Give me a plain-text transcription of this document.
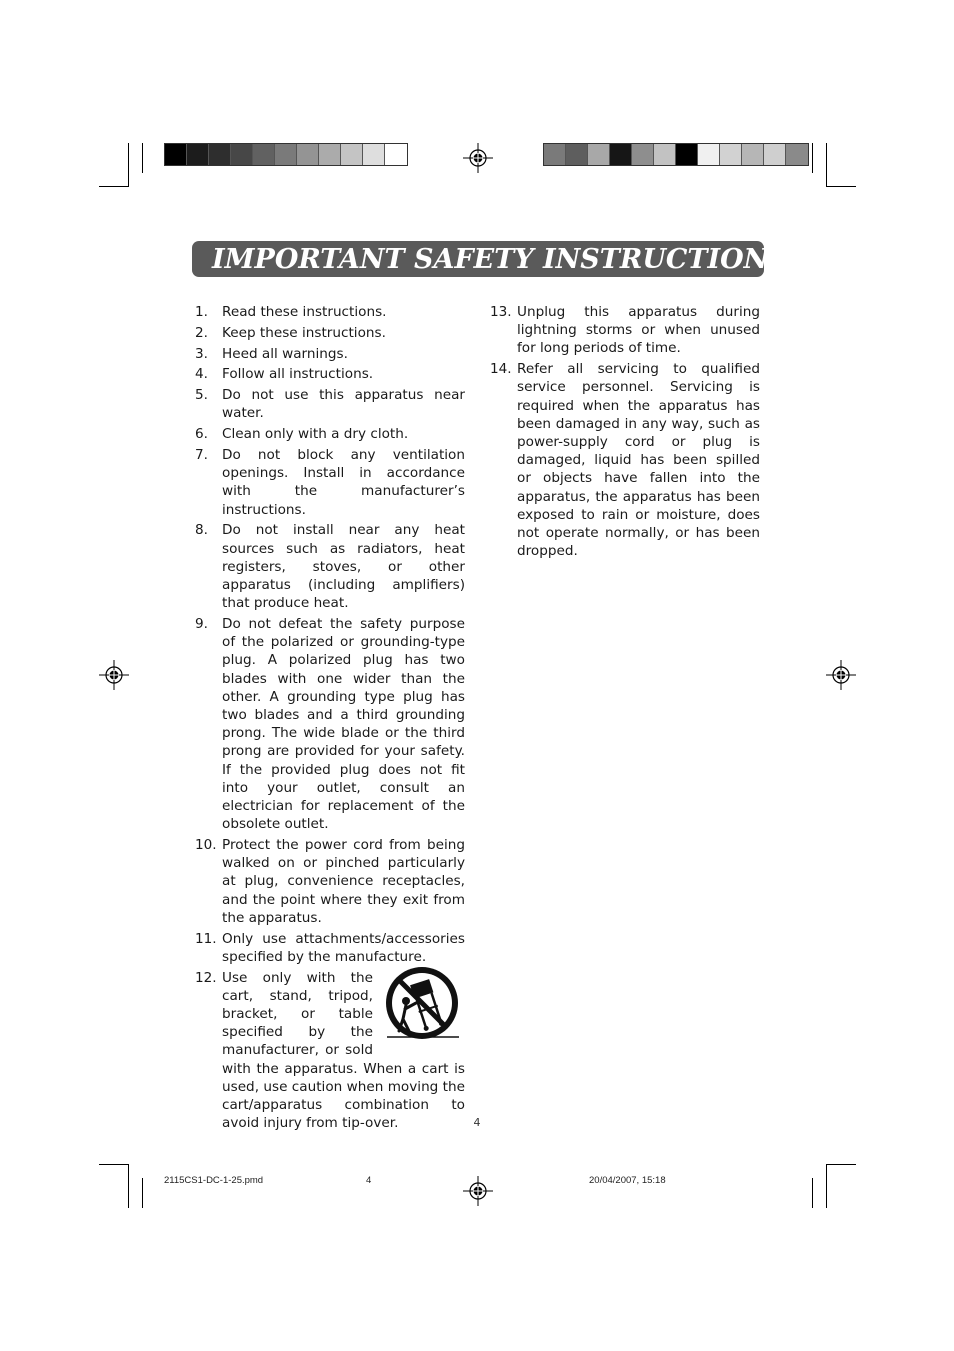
IMPORTANT SAFETY INSTRUCTIONS
1.	Read these instructions.
2.	Keep these instructions.
3.	Heed all warnings.
4.	Follow all instructions.
5.	Do not use this apparatus near water.
6.	Clean only with a dry cloth.
7.	Do not block any ventilation openings. Install in accordance with the manufacturer’s instructions.
8.	Do not install near any heat sources such as radiators, heat registers, stoves, or other apparatus (including amplifiers) that produce heat.
9.	Do not defeat the safety purpose of the polarized or grounding-type plug. A polarized plug has two blades with one wider than the other. A grounding type plug has two blades and a third grounding prong. The wide blade or the third prong are provided for your safety. If the provided plug does not fit into your outlet, consult an electrician for replacement of the obsolete outlet.
10. Protect the power cord from being walked on or pinched particularly at plug, convenience receptacles, and the point where they exit from the apparatus.
11. Only use attachments/accessories specified by the manufacture.
12. Use only with the cart, stand, tripod, bracket, or table specified by the manufacturer, or sold with the apparatus. When a cart is used, use caution when moving the cart/apparatus combination to avoid injury from tip-over.
13. Unplug this apparatus during lightning storms or when unused for long periods of time.
14. Refer all servicing to qualified service personnel. Servicing is required when the apparatus has been damaged in any way, such as power-supply cord or plug is damaged, liquid has been spilled or objects have fallen into the apparatus, the apparatus has been exposed to rain or moisture, does not operate normally, or has been dropped.
4
2115CS1-DC-1-25.pmd	4	20/04/2007, 15:18
